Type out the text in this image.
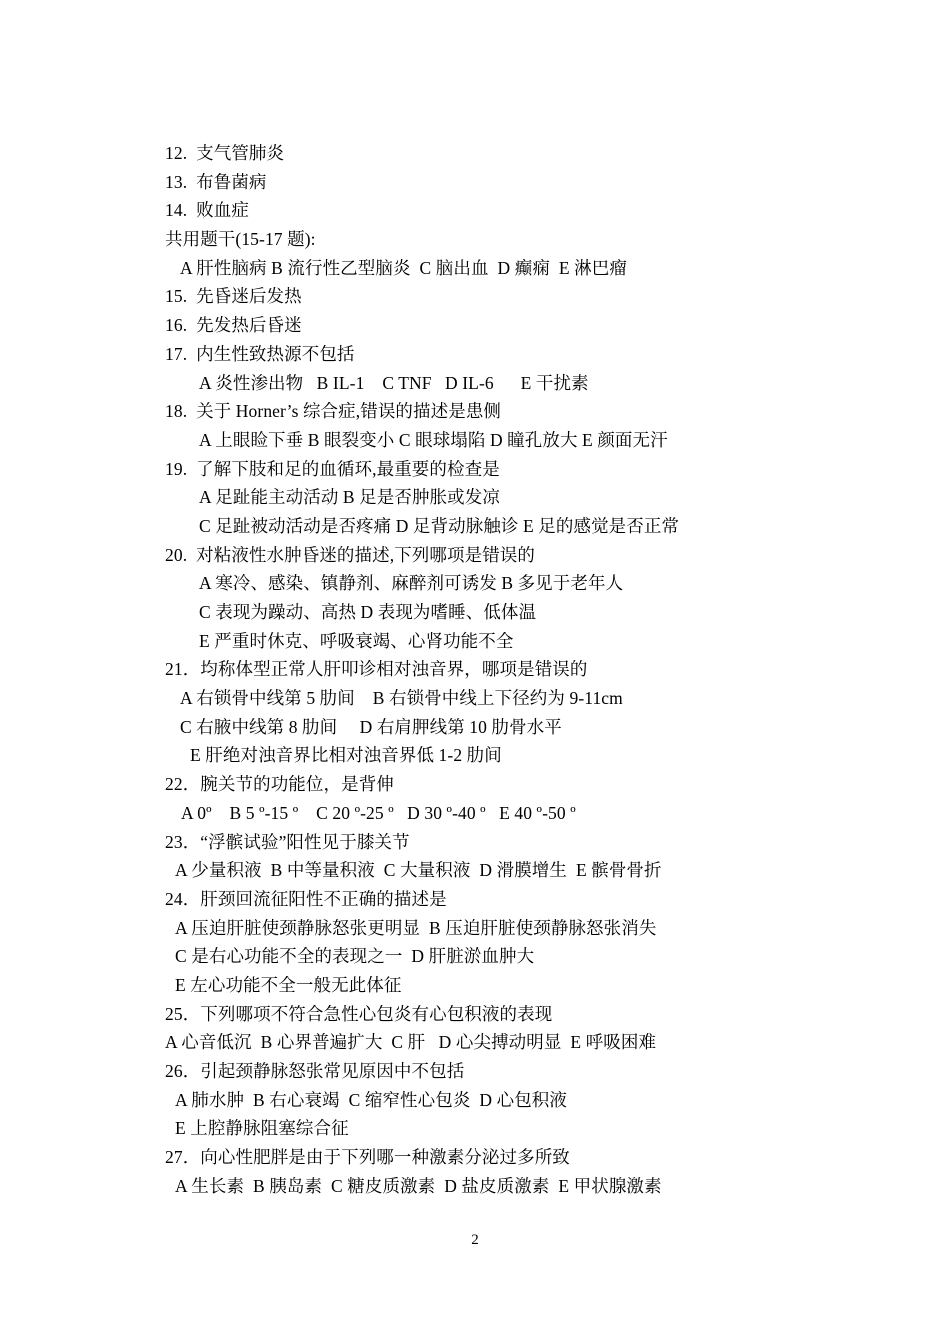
12.  支气管肺炎
13.  布鲁菌病
14.  败血症
共用题干(15-17 题):
A 肝性脑病 B 流行性乙型脑炎  C 脑出血  D 癫痫  E 淋巴瘤
15.  先昏迷后发热
16.  先发热后昏迷
17.  内生性致热源不包括
A 炎性渗出物   B IL-1    C TNF   D IL-6      E 干扰素
18.  关于 Horner’s 综合症,错误的描述是患侧
A 上眼睑下垂 B 眼裂变小 C 眼球塌陷 D 瞳孔放大 E 颜面无汗
19.  了解下肢和足的血循环,最重要的检查是
A 足趾能主动活动 B 足是否肿胀或发凉
C 足趾被动活动是否疼痛 D 足背动脉触诊 E 足的感觉是否正常
20.  对粘液性水肿昏迷的描述,下列哪项是错误的
A 寒冷、感染、镇静剂、麻醉剂可诱发 B 多见于老年人
C 表现为躁动、高热 D 表现为嗜睡、低体温
E 严重时休克、呼吸衰竭、心肾功能不全
21．均称体型正常人肝叩诊相对浊音界，哪项是错误的
A 右锁骨中线第 5 肋间    B 右锁骨中线上下径约为 9-11cm
C 右腋中线第 8 肋间     D 右肩胛线第 10 肋骨水平
E 肝绝对浊音界比相对浊音界低 1-2 肋间
22．腕关节的功能位，是背伸
A 0º    B 5 º-15 º    C 20 º-25 º   D 30 º-40 º   E 40 º-50 º
23．“浮髌试验”阳性见于膝关节
A 少量积液  B 中等量积液  C 大量积液  D 滑膜增生  E 髌骨骨折
24．肝颈回流征阳性不正确的描述是
A 压迫肝脏使颈静脉怒张更明显  B 压迫肝脏使颈静脉怒张消失
C 是右心功能不全的表现之一  D 肝脏淤血肿大
E 左心功能不全一般无此体征
25．下列哪项不符合急性心包炎有心包积液的表现
A 心音低沉  B 心界普遍扩大  C 肝   D 心尖搏动明显  E 呼吸困难
26．引起颈静脉怒张常见原因中不包括
A 肺水肿  B 右心衰竭  C 缩窄性心包炎  D 心包积液
E 上腔静脉阻塞综合征
27．向心性肥胖是由于下列哪一种激素分泌过多所致
A 生长素  B 胰岛素  C 糖皮质激素  D 盐皮质激素  E 甲状腺激素
2
